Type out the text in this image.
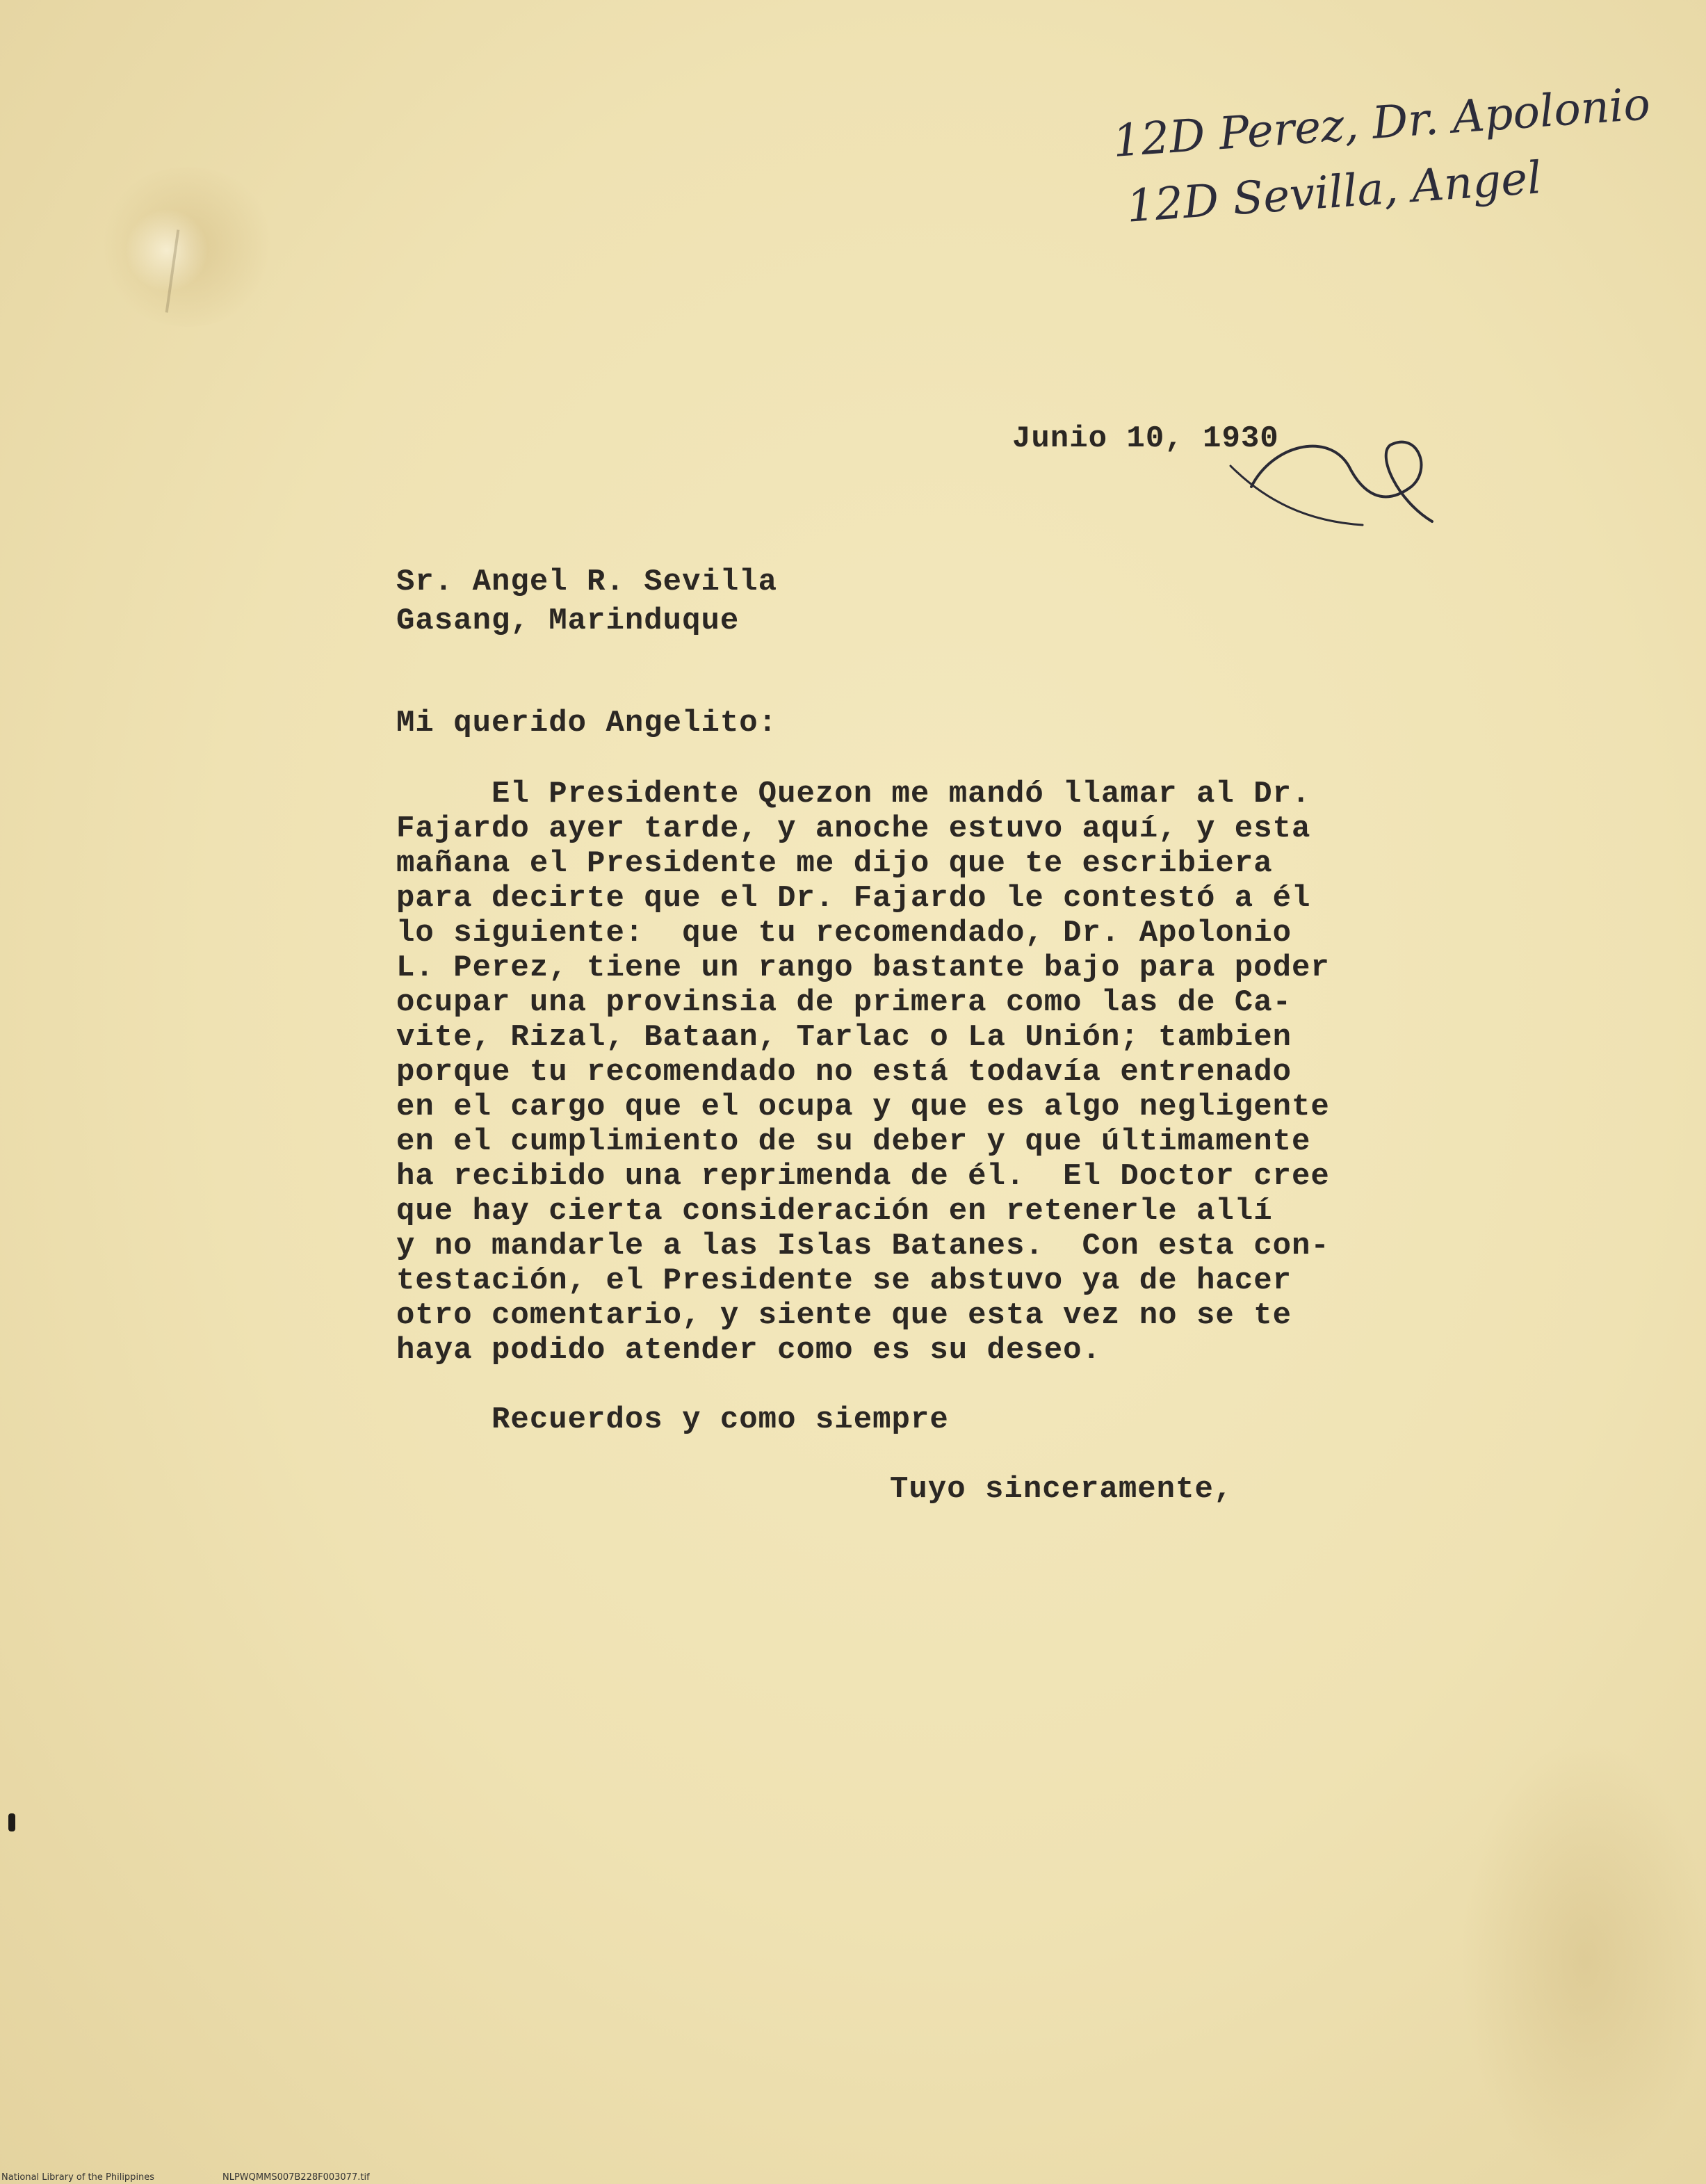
12D Perez, Dr. Apolonio
12D Sevilla, Angel
Junio 10, 1930
Sr. Angel R. Sevilla
Gasang, Marinduque
Mi querido Angelito:
El Presidente Quezon me mandó llamar al Dr.
Fajardo ayer tarde, y anoche estuvo aquí, y esta
mañana el Presidente me dijo que te escribiera
para decirte que el Dr. Fajardo le contestó a él
lo siguiente:  que tu recomendado, Dr. Apolonio
L. Perez, tiene un rango bastante bajo para poder
ocupar una provinsia de primera como las de Ca-
vite, Rizal, Bataan, Tarlac o La Unión; tambien
porque tu recomendado no está todavía entrenado
en el cargo que el ocupa y que es algo negligente
en el cumplimiento de su deber y que últimamente
ha recibido una reprimenda de él.  El Doctor cree
que hay cierta consideración en retenerle allí
y no mandarle a las Islas Batanes.  Con esta con-
testación, el Presidente se abstuvo ya de hacer
otro comentario, y siente que esta vez no se te
haya podido atender como es su deseo.
Recuerdos y como siempre
Tuyo sinceramente,
National Library of the Philippines	NLPWQMMS007B228F003077.tif
